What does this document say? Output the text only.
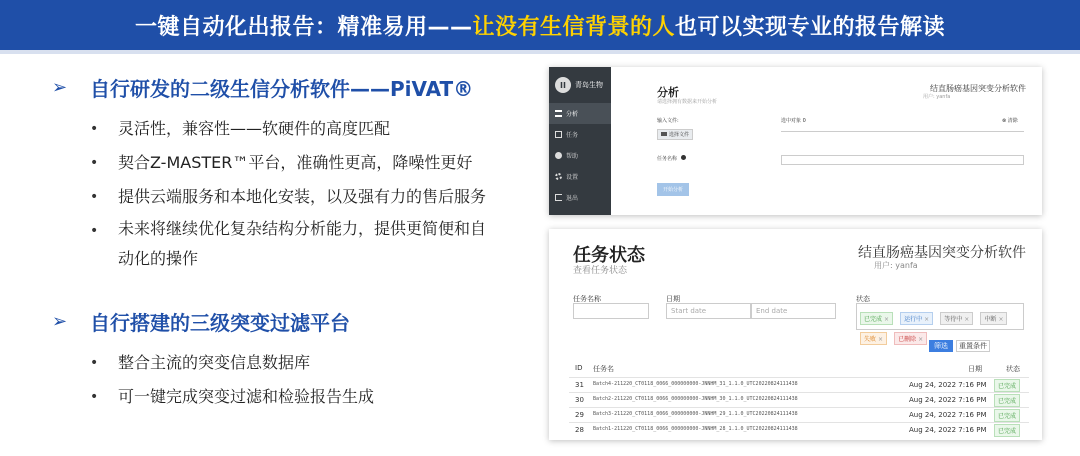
一键自动化出报告：精准易用—— 让没有生信背景的人 也可以实现专业的报告解读
➢	自行研发的二级生信分析软件——PiVAT®
• 灵活性，兼容性——软硬件的高度匹配
• 契合Z-MASTER™平台，准确性更高，降噪性更好
• 提供云端服务和本地化安装，以及强有力的售后服务
• 未来将继续优化复杂结构分析能力，提供更简便和自
动化的操作
➢	自行搭建的三级突变过滤平台
• 整合主流的突变信息数据库
• 可一键完成突变过滤和检验报告生成
II	青岛生物
分析
任务
帮助
设置
退出
分析
请选择拥有数据来开始分析
结直肠癌基因突变分析软件
用户: yanfa
输入文件:
选择文件
选中对象 0	⊗ 清除
任务名称
开始分析
任务状态
查看任务状态
结直肠癌基因突变分析软件
用户: yanfa
任务名称	日期
Start date	End date
状态
已完成 ×	运行中 ×	等待中 ×	中断 × 失败 ×	已删除 ×
筛选	重置条件
ID 任务名	日期	状态
31 Batch4-211220_CT0118_0066_000000000-JNNHM_31_1.1.0_UTC20220824111438	Aug 24, 2022 7:16 PM	已完成
30 Batch2-211220_CT0118_0066_000000000-JNNHM_30_1.1.0_UTC20220824111438	Aug 24, 2022 7:16 PM	已完成
29 Batch3-211220_CT0118_0066_000000000-JNNHM_29_1.1.0_UTC20220824111438	Aug 24, 2022 7:16 PM	已完成
28 Batch1-211220_CT0118_0066_000000000-JNNHM_28_1.1.0_UTC20220824111438	Aug 24, 2022 7:16 PM	已完成
